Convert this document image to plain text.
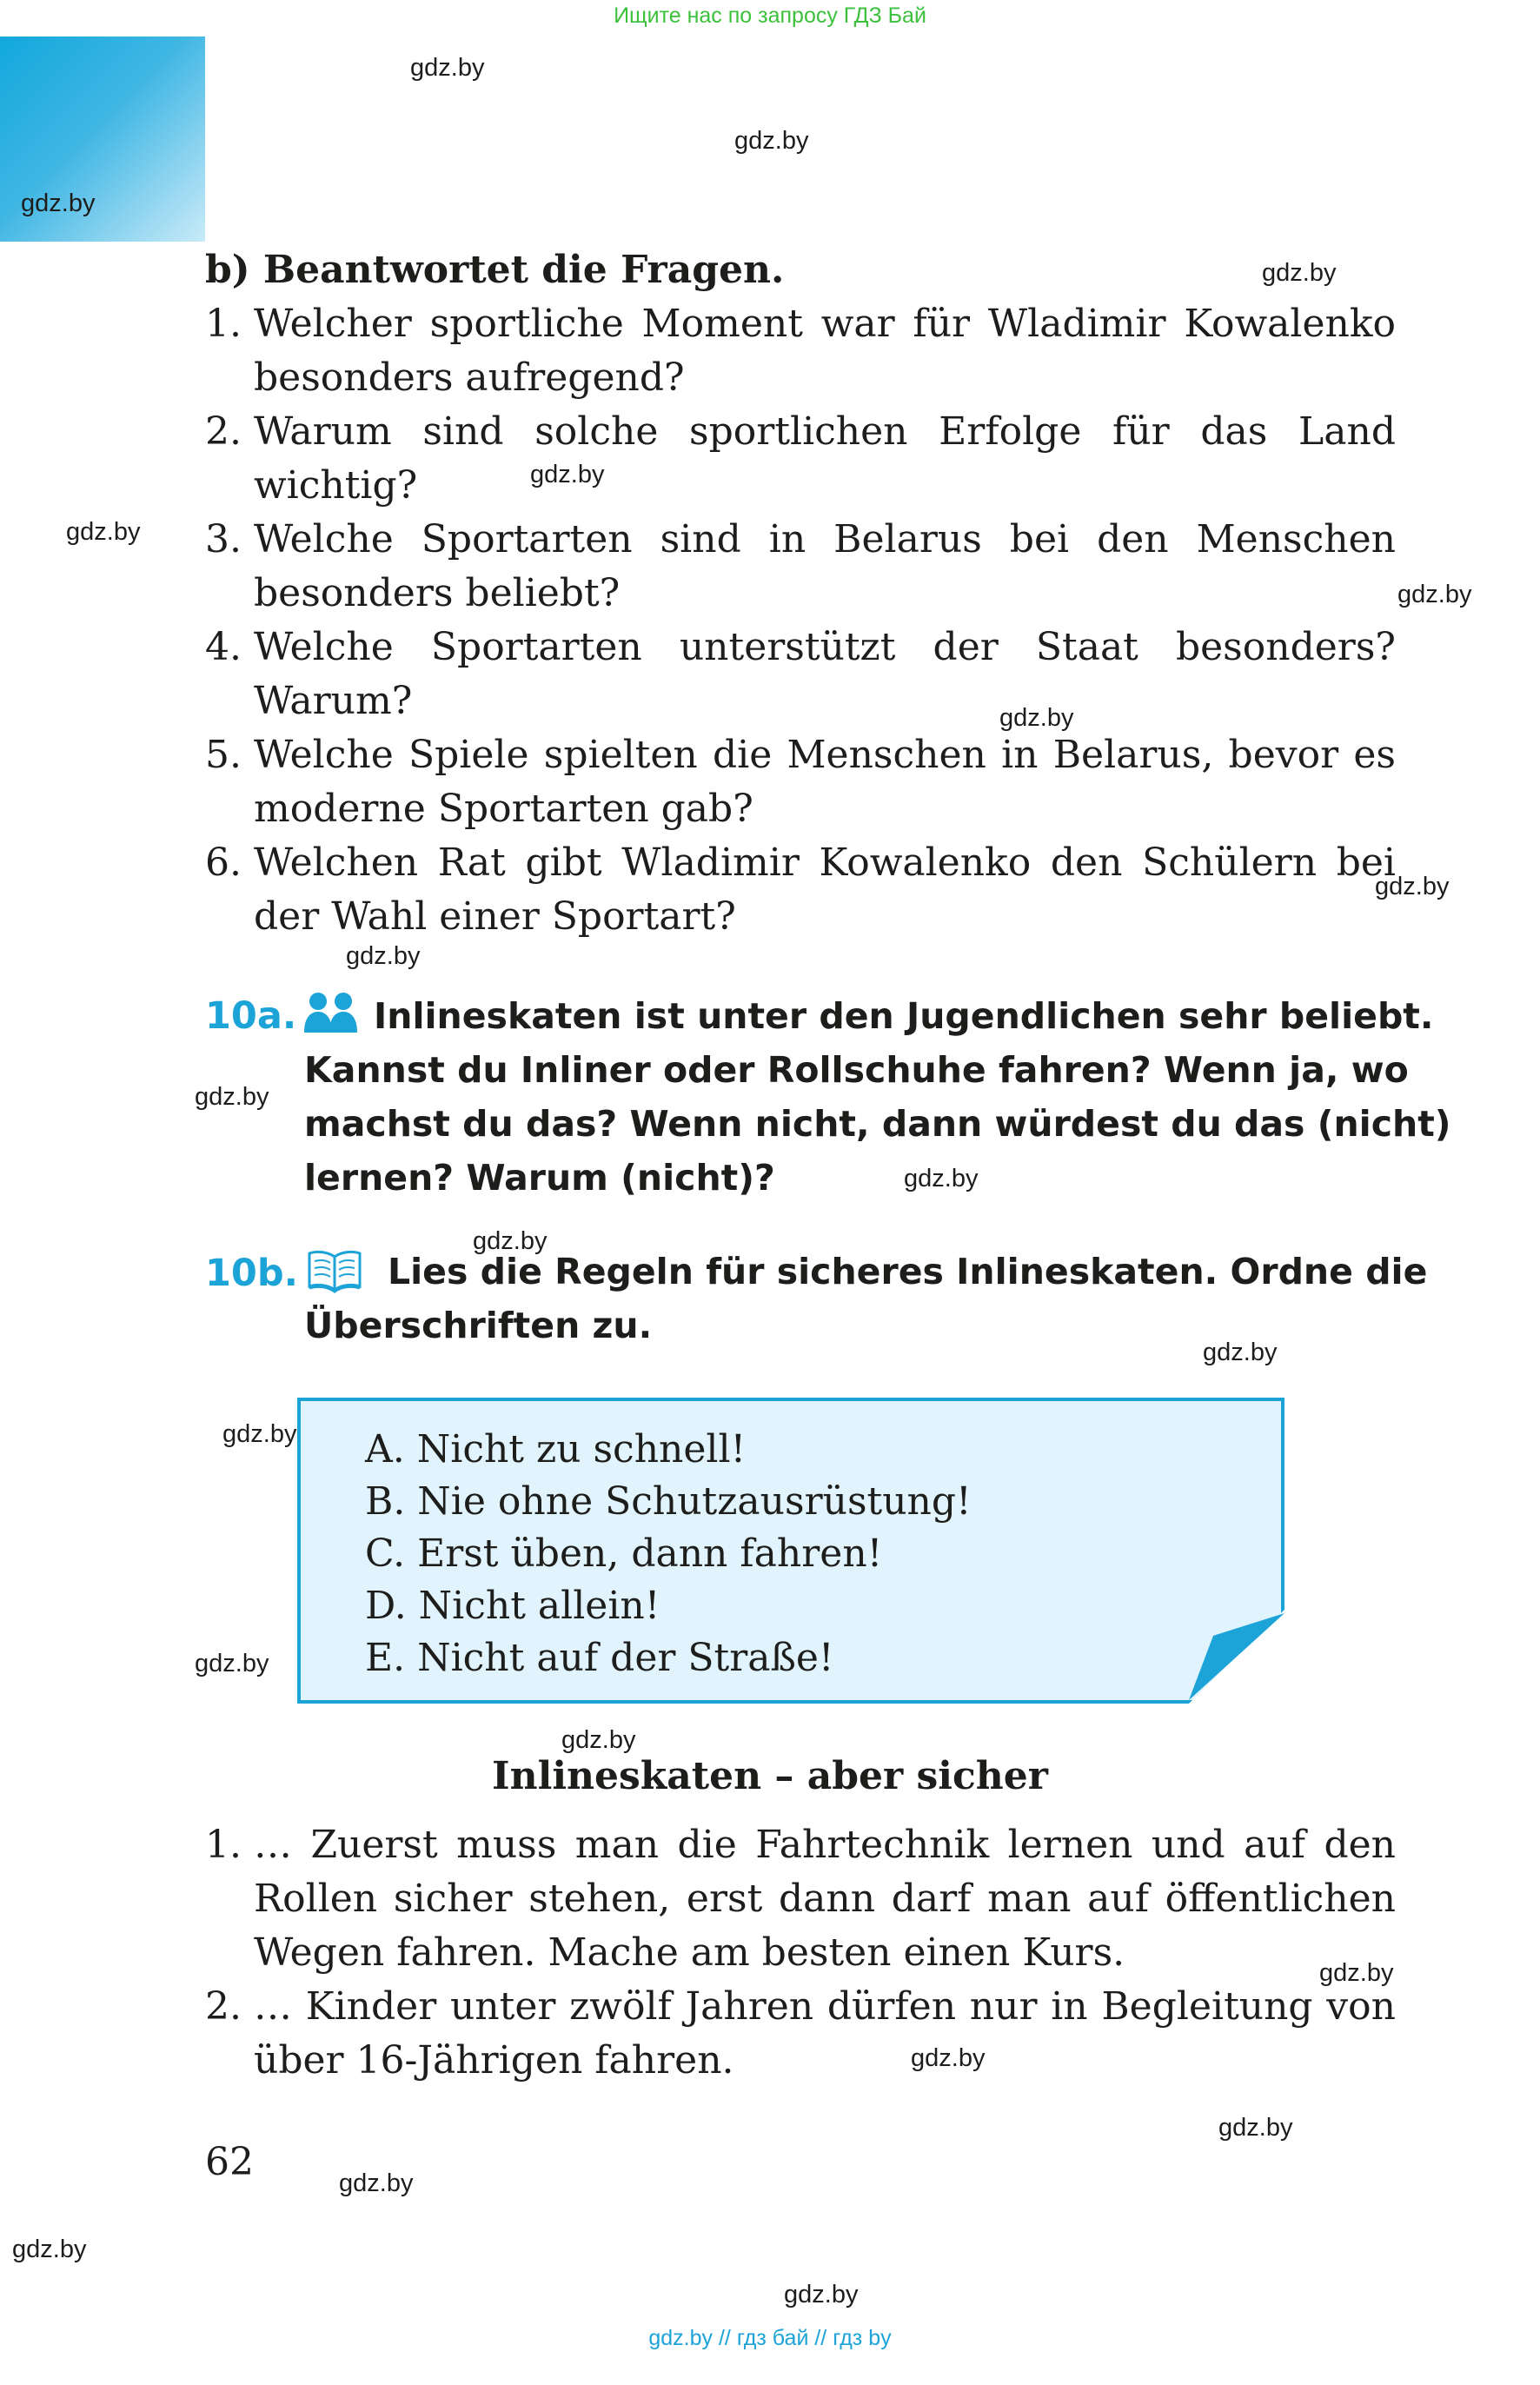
Ищите нас по запросу ГДЗ Бай
gdz.by
gdz.by
gdz.by
gdz.by
gdz.by
gdz.by
gdz.by
gdz.by
gdz.by
gdz.by
gdz.by
gdz.by
gdz.by
gdz.by
gdz.by
gdz.by
gdz.by
gdz.by
gdz.by
gdz.by
gdz.by
gdz.by
gdz.by
b) Beantwortet die Fragen.
1. Welcher sportliche Moment war für Wladimir Kowalenko
besonders aufregend?
2. Warum sind solche sportlichen Erfolge für das Land
wichtig?
3. Welche Sportarten sind in Belarus bei den Menschen
besonders beliebt?
4. Welche Sportarten unterstützt der Staat besonders?
Warum?
5. Welche Spiele spielten die Menschen in Belarus, bevor es
moderne Sportarten gab?
6. Welchen Rat gibt Wladimir Kowalenko den Schülern bei
der Wahl einer Sportart?
10a. Inlineskaten ist unter den Jugendlichen sehr beliebt.
Kannst du Inliner oder Rollschuhe fahren? Wenn ja, wo
machst du das? Wenn nicht, dann würdest du das (nicht)
lernen? Warum (nicht)?
10b.	Lies die Regeln für sicheres Inlineskaten. Ordne die
Überschriften zu.
A. Nicht zu schnell!
B. Nie ohne Schutzausrüstung!
C. Erst üben, dann fahren!
D. Nicht allein!
E. Nicht auf der Straße!
Inlineskaten – aber sicher
1. … Zuerst muss man die Fahrtechnik lernen und auf den
Rollen sicher stehen, erst dann darf man auf öffentlichen
Wegen fahren. Mache am besten einen Kurs.
2. … Kinder unter zwölf Jahren dürfen nur in Begleitung von
über 16-Jährigen fahren.
62
gdz.by // гдз бай // гдз by
